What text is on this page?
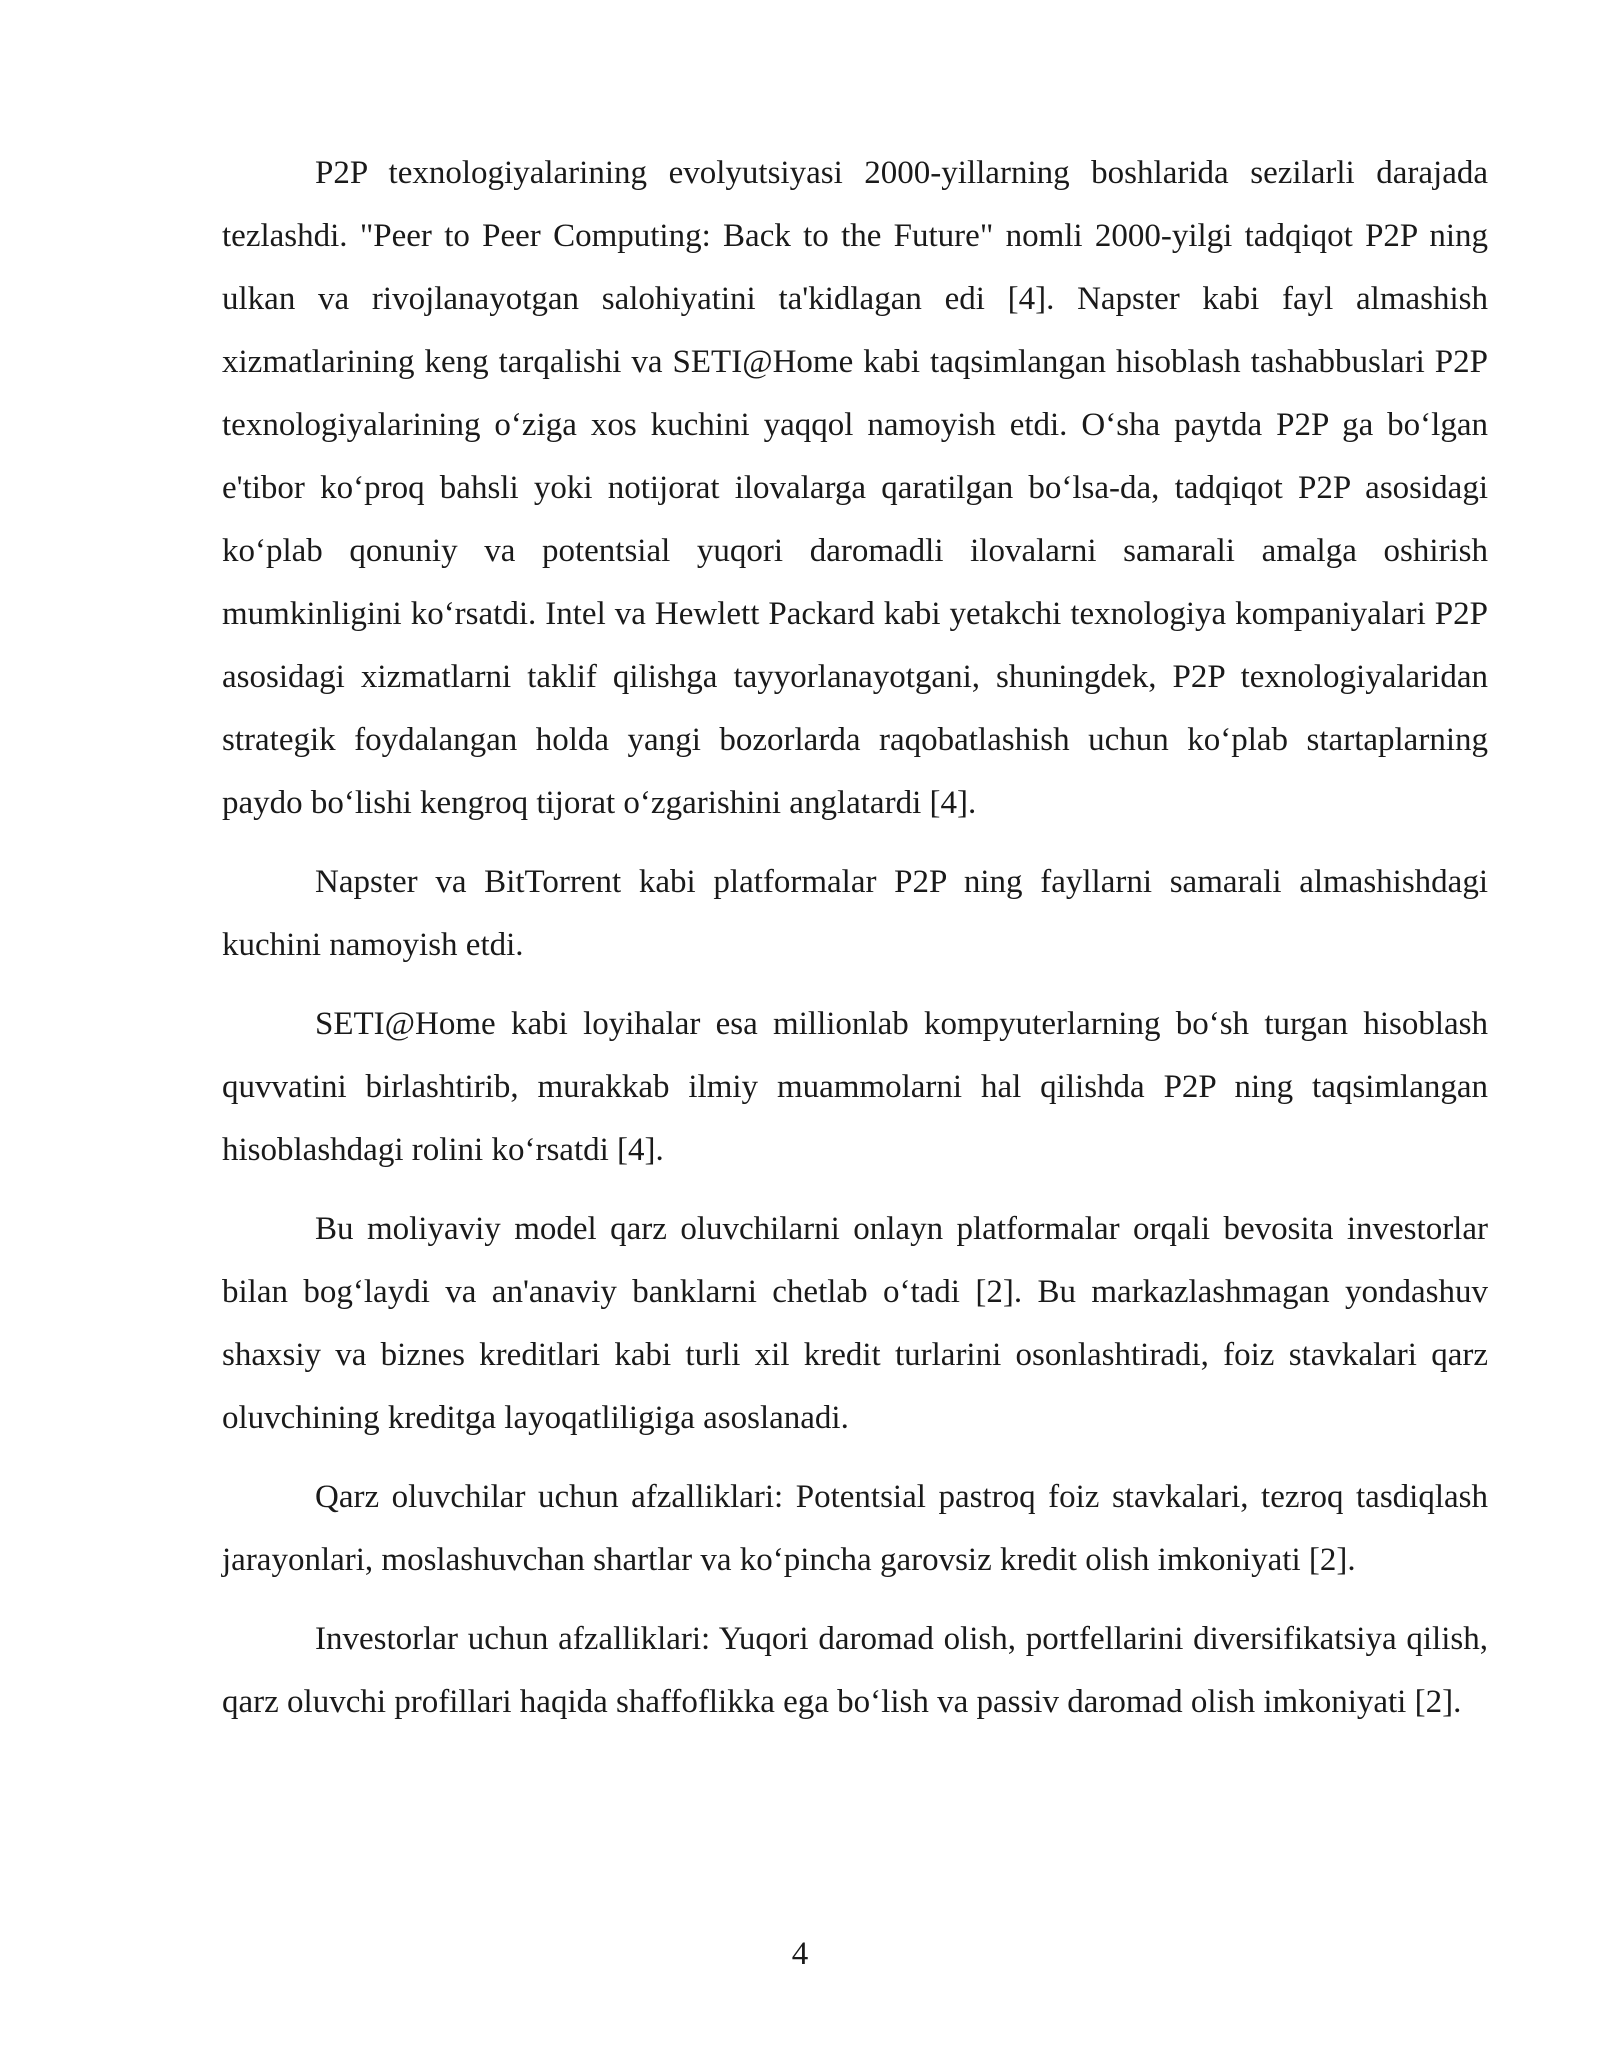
P2P texnologiyalarining evolyutsiyasi 2000-yillarning boshlarida sezilarli darajada tezlashdi. "Peer to Peer Computing: Back to the Future" nomli 2000-yilgi tadqiqot P2P ning ulkan va rivojlanayotgan salohiyatini ta'kidlagan edi [4]. Napster kabi fayl almashish xizmatlarining keng tarqalishi va SETI@Home kabi taqsimlangan hisoblash tashabbuslari P2P texnologiyalarining oʻziga xos kuchini yaqqol namoyish etdi. Oʻsha paytda P2P ga boʻlgan e'tibor koʻproq bahsli yoki notijorat ilovalarga qaratilgan boʻlsa-da, tadqiqot P2P asosidagi koʻplab qonuniy va potentsial yuqori daromadli ilovalarni samarali amalga oshirish mumkinligini koʻrsatdi. Intel va Hewlett Packard kabi yetakchi texnologiya kompaniyalari P2P asosidagi xizmatlarni taklif qilishga tayyorlanayotgani, shuningdek, P2P texnologiyalaridan strategik foydalangan holda yangi bozorlarda raqobatlashish uchun koʻplab startaplarning paydo boʻlishi kengroq tijorat oʻzgarishini anglatardi [4].

Napster va BitTorrent kabi platformalar P2P ning fayllarni samarali almashishdagi kuchini namoyish etdi.

SETI@Home kabi loyihalar esa millionlab kompyuterlarning boʻsh turgan hisoblash quvvatini birlashtirib, murakkab ilmiy muammolarni hal qilishda P2P ning taqsimlangan hisoblashdagi rolini koʻrsatdi [4].

Bu moliyaviy model qarz oluvchilarni onlayn platformalar orqali bevosita investorlar bilan bogʻlaydi va an'anaviy banklarni chetlab oʻtadi [2]. Bu markazlashmagan yondashuv shaxsiy va biznes kreditlari kabi turli xil kredit turlarini osonlashtiradi, foiz stavkalari qarz oluvchining kreditga layoqatliligiga asoslanadi.

Qarz oluvchilar uchun afzalliklari: Potentsial pastroq foiz stavkalari, tezroq tasdiqlash jarayonlari, moslashuvchan shartlar va koʻpincha garovsiz kredit olish imkoniyati [2].

Investorlar uchun afzalliklari: Yuqori daromad olish, portfellarini diversifikatsiya qilish, qarz oluvchi profillari haqida shaffoflikka ega boʻlish va passiv daromad olish imkoniyati [2].

4
